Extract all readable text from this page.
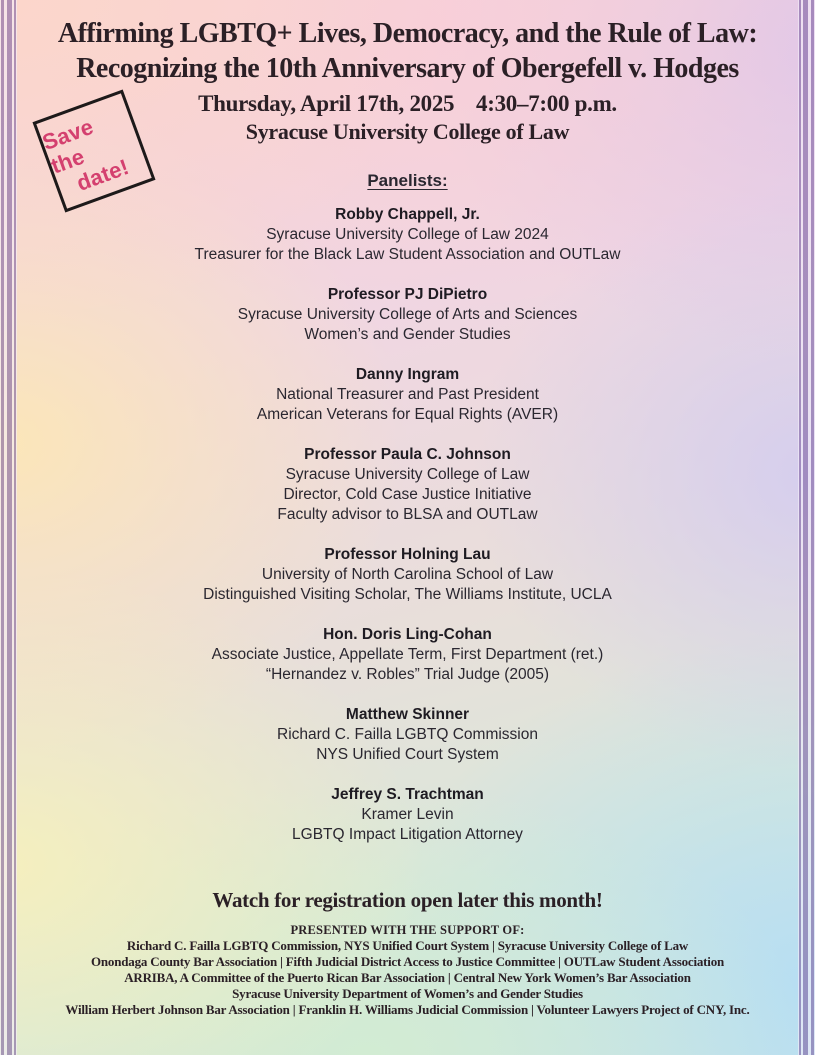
Save the
date!
Affirming LGBTQ+ Lives, Democracy, and the Rule of Law:
Recognizing the 10th Anniversary of Obergefell v. Hodges
Thursday, April 17th, 2025    4:30–7:00 p.m.
Syracuse University College of Law
Panelists:
Robby Chappell, Jr.
Syracuse University College of Law 2024
Treasurer for the Black Law Student Association and OUTLaw
Professor PJ DiPietro
Syracuse University College of Arts and Sciences
Women’s and Gender Studies
Danny Ingram
National Treasurer and Past President
American Veterans for Equal Rights (AVER)
Professor Paula C. Johnson
Syracuse University College of Law
Director, Cold Case Justice Initiative
Faculty advisor to BLSA and OUTLaw
Professor Holning Lau
University of North Carolina School of Law
Distinguished Visiting Scholar, The Williams Institute, UCLA
Hon. Doris Ling-Cohan
Associate Justice, Appellate Term, First Department (ret.)
“Hernandez v. Robles” Trial Judge (2005)
Matthew Skinner
Richard C. Failla LGBTQ Commission
NYS Unified Court System
Jeffrey S. Trachtman
Kramer Levin
LGBTQ Impact Litigation Attorney
Watch for registration open later this month!
PRESENTED WITH THE SUPPORT OF:
Richard C. Failla LGBTQ Commission, NYS Unified Court System | Syracuse University College of Law
Onondaga County Bar Association | Fifth Judicial District Access to Justice Committee | OUTLaw Student Association
ARRIBA, A Committee of the Puerto Rican Bar Association | Central New York Women’s Bar Association
Syracuse University Department of Women’s and Gender Studies
William Herbert Johnson Bar Association | Franklin H. Williams Judicial Commission | Volunteer Lawyers Project of CNY, Inc.
